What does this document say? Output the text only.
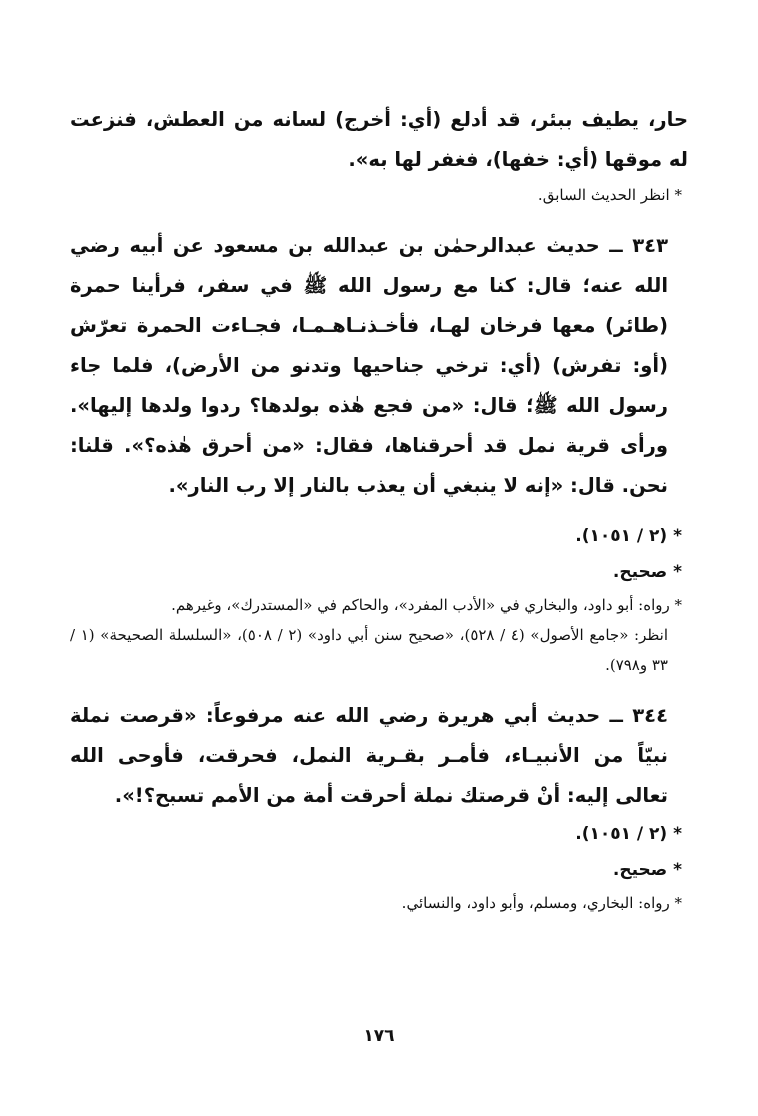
حار، يطيف ببئر، قد أدلع (أي: أخرج) لسانه من العطش، فنزعت له موقها (أي: خفها)، فغفر لها به».

* انظر الحديث السابق.

٣٤٣ ــ حديث عبدالرحمٰن بن عبدالله بن مسعود عن أبيه رضي الله عنه؛ قال: كنا مع رسول الله ﷺ في سفر، فرأينا حمرة (طائر) معها فرخان لهـا، فأخـذنـاهـمـا، فجـاءت الحمرة تعرّش (أو: تفرش) (أي: ترخي جناحيها وتدنو من الأرض)، فلما جاء رسول الله ﷺ؛ قال: «من فجع هٰذه بولدها؟ ردوا ولدها إليها». ورأى قرية نمل قد أحرقناها، فقال: «من أحرق هٰذه؟». قلنا: نحن. قال: «إنه لا ينبغي أن يعذب بالنار إلا رب النار».

* (٢ / ١٠٥١).

* صحيح.

* رواه: أبو داود، والبخاري في «الأدب المفرد»، والحاكم في «المستدرك»، وغيرهم.

انظر: «جامع الأصول» (٤ / ٥٢٨)، «صحيح سنن أبي داود» (٢ / ٥٠٨)، «السلسلة الصحيحة» (١ / ٣٣ و٧٩٨).

٣٤٤ ــ حديث أبي هريرة رضي الله عنه مرفوعاً: «قرصت نملة نبيّاً من الأنبيـاء، فأمـر بقـرية النمل، فحرقت، فأوحى الله تعالى إليه: أنْ قرصتك نملة أحرقت أمة من الأمم تسبح؟!».

* (٢ / ١٠٥١).

* صحيح.

* رواه: البخاري، ومسلم، وأبو داود، والنسائي.

١٧٦
